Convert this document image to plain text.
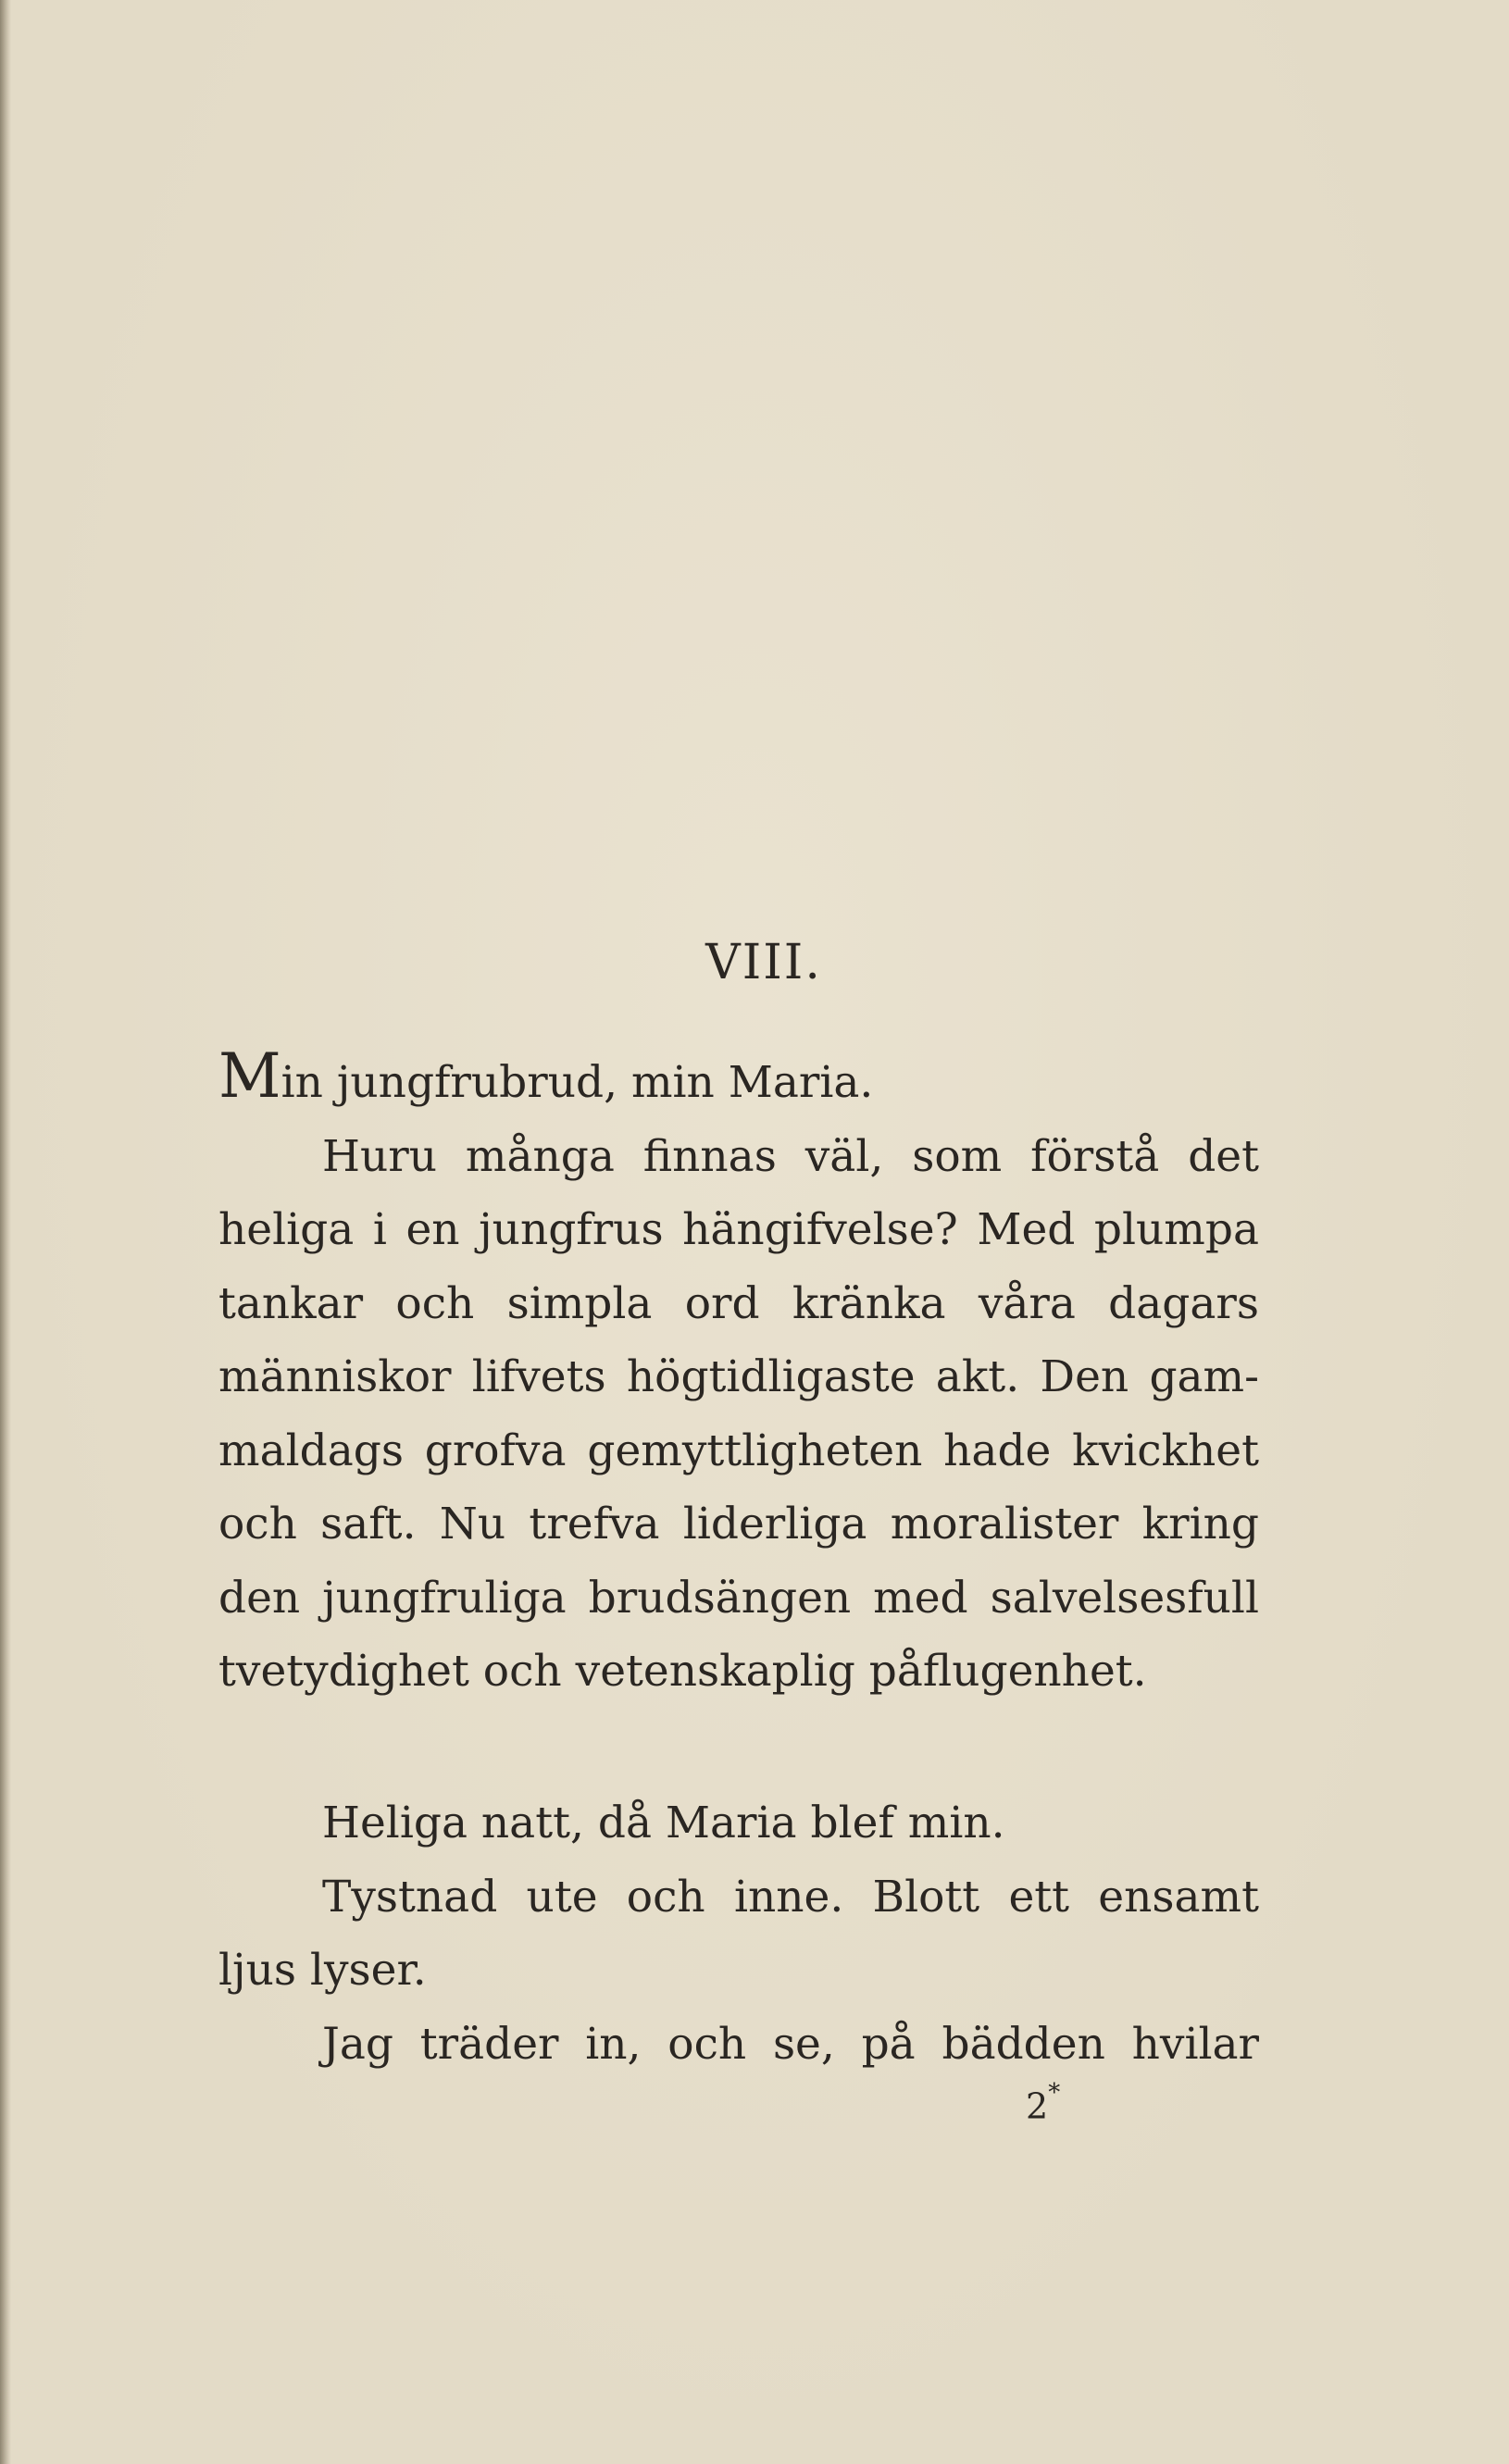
VIII.
Min jungfrubrud, min Maria.
Huru många finnas väl, som förstå det
heliga i en jungfrus hängifvelse? Med plumpa
tankar och simpla ord kränka våra dagars
människor lifvets högtidligaste akt. Den gam-
maldags grofva gemyttligheten hade kvickhet
och saft. Nu trefva liderliga moralister kring
den jungfruliga brudsängen med salvelsesfull
tvetydighet och vetenskaplig påflugenhet.
Heliga natt, då Maria blef min.
Tystnad ute och inne. Blott ett ensamt
ljus lyser.
Jag träder in, och se, på bädden hvilar
2*
